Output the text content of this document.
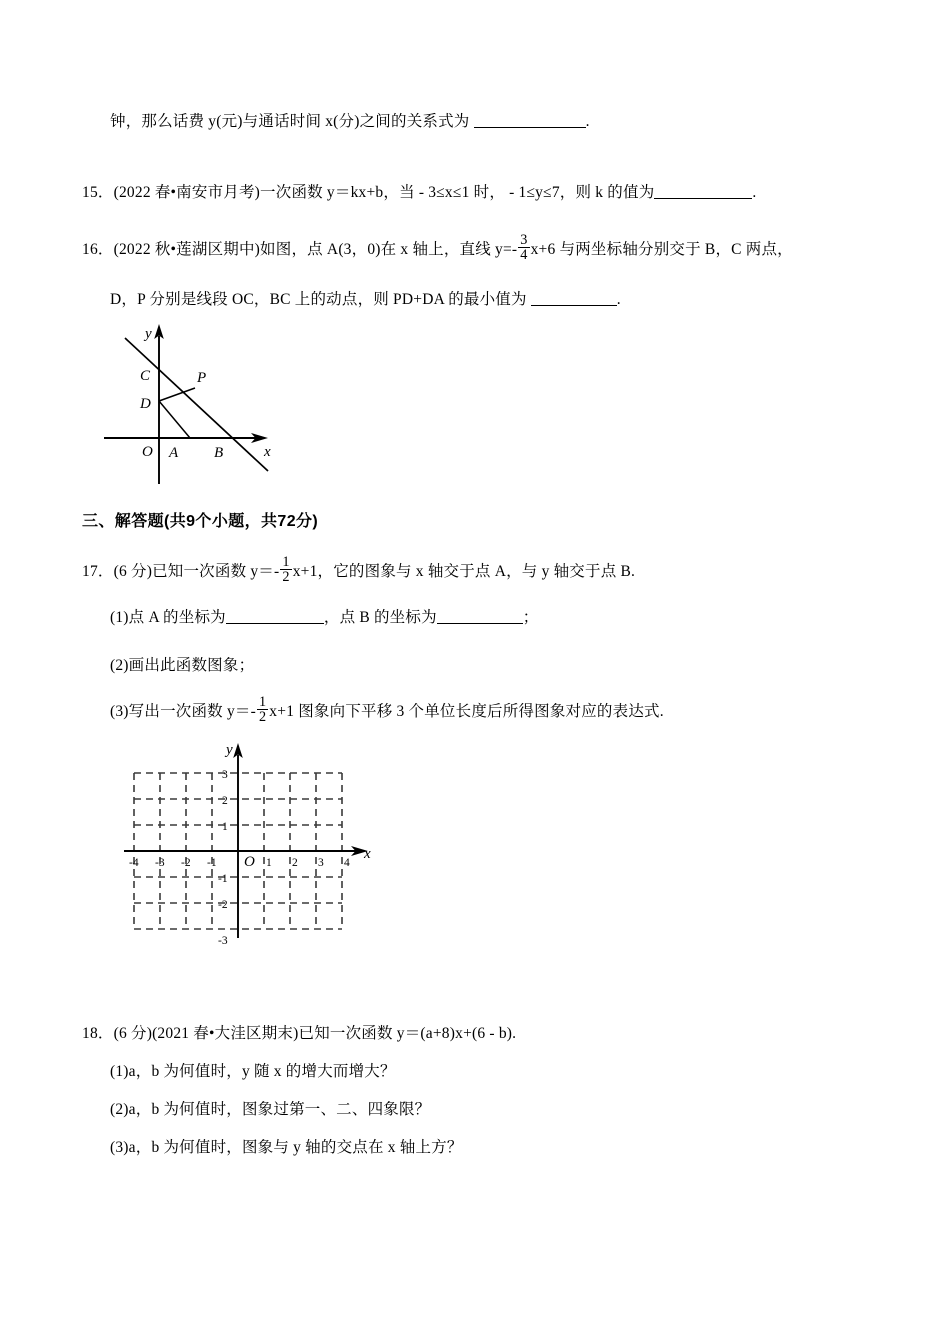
钟，那么话费 y(元)与通话时间 x(分)之间的关系式为	.
15．(2022 春•南安市月考)一次函数 y＝kx+b，当 - 3≤x≤1 时， - 1≤y≤7，则 k 的值为	.
16．(2022 秋•莲湖区期中)如图，点 A(3，0)在 x 轴上，直线 $y=- \frac{3}{4} x+6$ 与两坐标轴分别交于 B，C 两点，
D，P 分别是线段 OC，BC 上的动点，则 PD+DA 的最小值为	.
C	P
D
O A B
y
x
三、解答题(共9个小题，共72分)
17．(6 分)已知一次函数 $y=- \frac{1}{2} x+1$，它的图象与 x 轴交于点 A，与 y 轴交于点 B.
(1)点 A 的坐标为	，点 B 的坐标为	；
(2)画出此函数图象；
(3)写出一次函数 $y=- \frac{1}{2} x+1$ 图象向下平移 3 个单位长度后所得图象对应的表达式.
y
x
O
-4 -3 -2 -1	1 2 3 4
3
2
1
-1
-2
-3
18．(6 分)(2021 春•大洼区期末)已知一次函数 y＝(a+8)x+(6 - b).
(1)a，b 为何值时，y 随 x 的增大而增大？
(2)a，b 为何值时，图象过第一、二、四象限？
(3)a，b 为何值时，图象与 y 轴的交点在 x 轴上方？
